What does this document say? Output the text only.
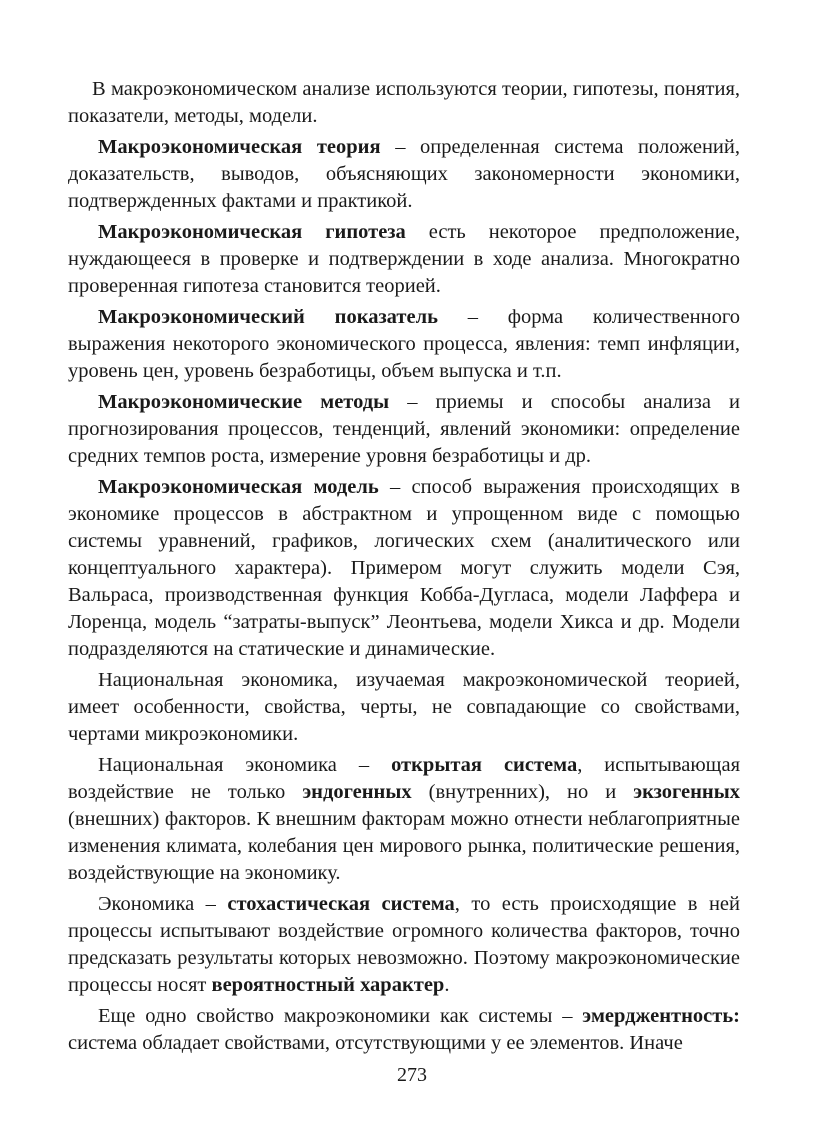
В макроэкономическом анализе используются теории, гипотезы, понятия, показатели, методы, модели.

Макроэкономическая теория – определенная система положений, доказательств, выводов, объясняющих закономерности экономики, подтвержденных фактами и практикой.

Макроэкономическая гипотеза есть некоторое предположение, нуждающееся в проверке и подтверждении в ходе анализа. Многократно проверенная гипотеза становится теорией.

Макроэкономический показатель – форма количественного выражения некоторого экономического процесса, явления: темп инфляции, уровень цен, уровень безработицы, объем выпуска и т.п.

Макроэкономические методы – приемы и способы анализа и прогнозирования процессов, тенденций, явлений экономики: определение средних темпов роста, измерение уровня безработицы и др.

Макроэкономическая модель – способ выражения происходящих в экономике процессов в абстрактном и упрощенном виде с помощью системы уравнений, графиков, логических схем (аналитического или концептуального характера). Примером могут служить модели Сэя, Вальраса, производственная функция Кобба-Дугласа, модели Лаффера и Лоренца, модель “затраты-выпуск” Леонтьева, модели Хикса и др. Модели подразделяются на статические и динамические.

Национальная экономика, изучаемая макроэкономической теорией, имеет особенности, свойства, черты, не совпадающие со свойствами, чертами микроэкономики.

Национальная экономика – открытая система, испытывающая воздействие не только эндогенных (внутренних), но и экзогенных (внешних) факторов. К внешним факторам можно отнести неблагоприятные изменения климата, колебания цен мирового рынка, политические решения, воздействующие на экономику.

Экономика – стохастическая система, то есть происходящие в ней процессы испытывают воздействие огромного количества факторов, точно предсказать результаты которых невозможно. Поэтому макроэкономические процессы носят вероятностный характер.

Еще одно свойство макроэкономики как системы – эмерджентность: система обладает свойствами, отсутствующими у ее элементов. Иначе

273
